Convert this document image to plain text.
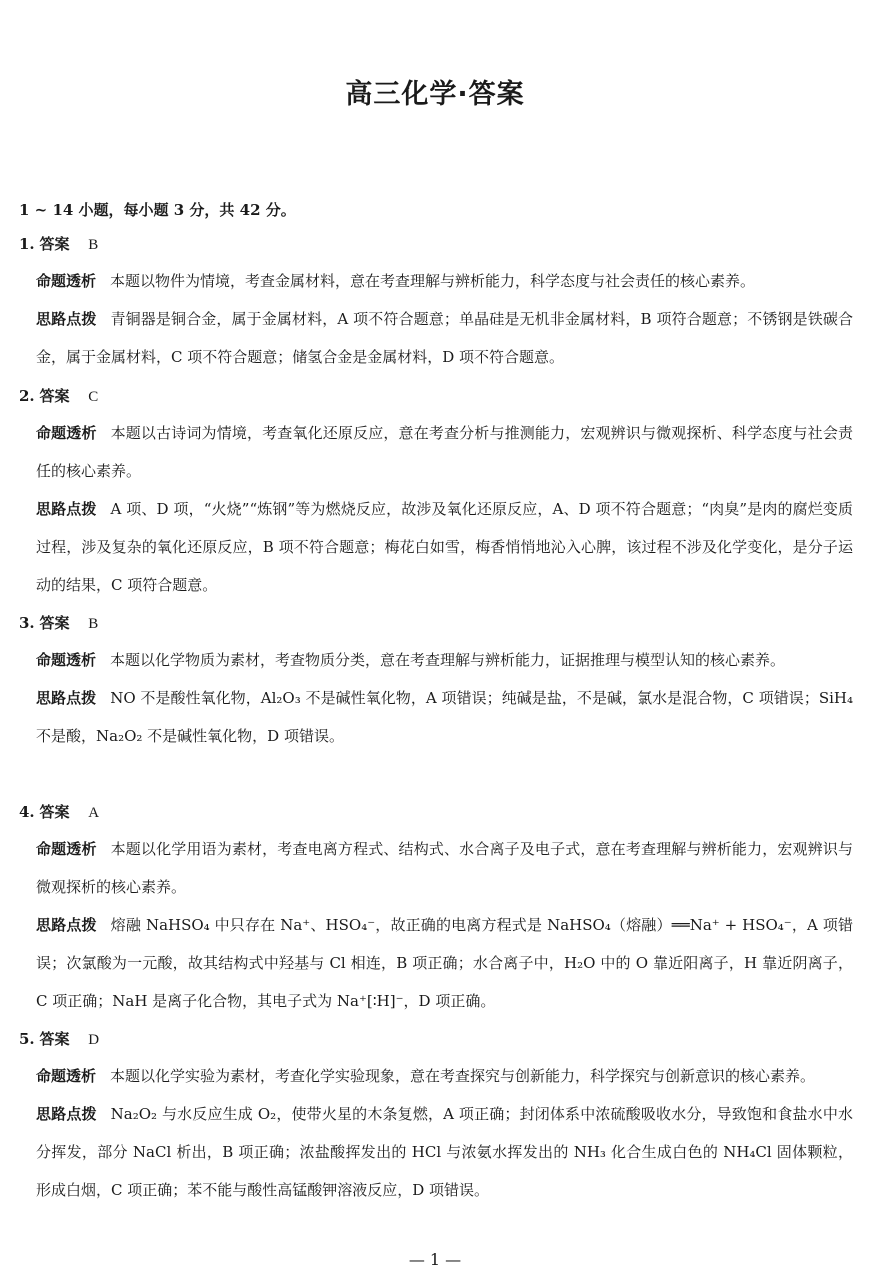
高三化学·答案
1 ~ 14 小题，每小题 3 分，共 42 分。
1. 答案 B
命题透析 本题以物件为情境，考查金属材料，意在考查理解与辨析能力，科学态度与社会责任的核心素养。
思路点拨 青铜器是铜合金，属于金属材料，A 项不符合题意；单晶硅是无机非金属材料，B 项符合题意；不锈钢是铁碳合金，属于金属材料，C 项不符合题意；储氢合金是金属材料，D 项不符合题意。
2. 答案 C
命题透析 本题以古诗词为情境，考查氧化还原反应，意在考查分析与推测能力，宏观辨识与微观探析、科学态度与社会责任的核心素养。
思路点拨 A 项、D 项，“火烧”“炼钢”等为燃烧反应，故涉及氧化还原反应，A、D 项不符合题意；“肉臭”是肉的腐烂变质过程，涉及复杂的氧化还原反应，B 项不符合题意；梅花白如雪，梅香悄悄地沁入心脾，该过程不涉及化学变化，是分子运动的结果，C 项符合题意。
3. 答案 B
命题透析 本题以化学物质为素材，考查物质分类，意在考查理解与辨析能力，证据推理与模型认知的核心素养。
思路点拨 NO 不是酸性氧化物，Al₂O₃ 不是碱性氧化物，A 项错误；纯碱是盐，不是碱，氯水是混合物，C 项错误；SiH₄ 不是酸，Na₂O₂ 不是碱性氧化物，D 项错误。
4. 答案 A
命题透析 本题以化学用语为素材，考查电离方程式、结构式、水合离子及电子式，意在考查理解与辨析能力，宏观辨识与微观探析的核心素养。
思路点拨 熔融 NaHSO₄ 中只存在 Na⁺、HSO₄⁻，故正确的电离方程式是 NaHSO₄（熔融）══Na⁺ + HSO₄⁻，A 项错误；次氯酸为一元酸，故其结构式中羟基与 Cl 相连，B 项正确；水合离子中，H₂O 中的 O 靠近阳离子，H 靠近阴离子，C 项正确；NaH 是离子化合物，其电子式为 Na⁺[∶H]⁻，D 项正确。
5. 答案 D
命题透析 本题以化学实验为素材，考查化学实验现象，意在考查探究与创新能力，科学探究与创新意识的核心素养。
思路点拨 Na₂O₂ 与水反应生成 O₂，使带火星的木条复燃，A 项正确；封闭体系中浓硫酸吸收水分，导致饱和食盐水中水分挥发，部分 NaCl 析出，B 项正确；浓盐酸挥发出的 HCl 与浓氨水挥发出的 NH₃ 化合生成白色的 NH₄Cl 固体颗粒，形成白烟，C 项正确；苯不能与酸性高锰酸钾溶液反应，D 项错误。
— 1 —
